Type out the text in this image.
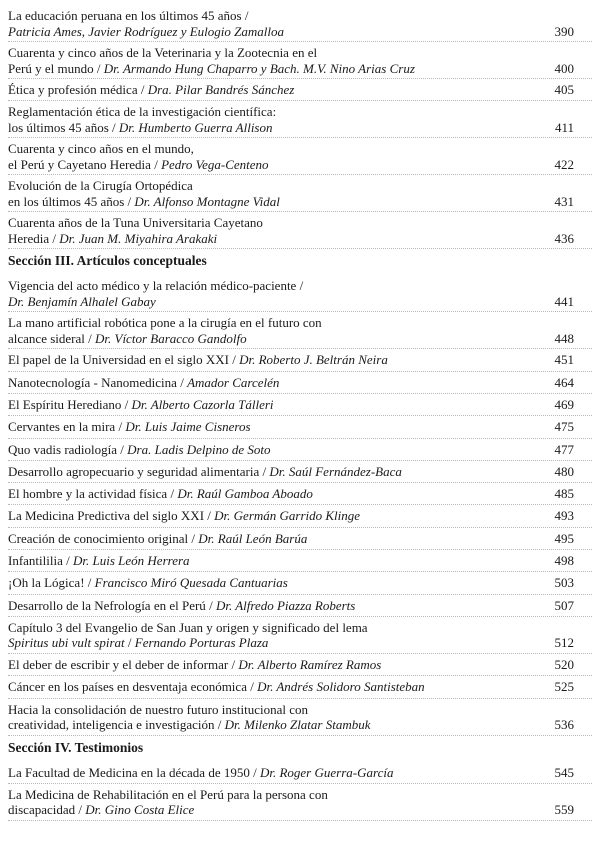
La educación peruana en los últimos 45 años /
Patricia Ames, Javier Rodríguez y Eulogio Zamalloa	390
Cuarenta y cinco años de la Veterinaria y la Zootecnia en el
Perú y el mundo / Dr. Armando Hung Chaparro y Bach. M.V. Nino Arias Cruz	400
Ética y profesión médica / Dra. Pilar Bandrés Sánchez	405
Reglamentación ética de la investigación científica:
los últimos 45 años / Dr. Humberto Guerra Allison	411
Cuarenta y cinco años en el mundo,
el Perú y Cayetano Heredia / Pedro Vega-Centeno	422
Evolución de la Cirugía Ortopédica
en los últimos 45 años / Dr. Alfonso Montagne Vidal	431
Cuarenta años de la Tuna Universitaria Cayetano
Heredia / Dr. Juan M. Miyahira Arakaki	436
Sección III. Artículos conceptuales
Vigencia del acto médico y la relación médico-paciente /
Dr. Benjamín Alhalel Gabay	441
La mano artificial robótica pone a la cirugía en el futuro con
alcance sideral / Dr. Víctor Baracco Gandolfo	448
El papel de la Universidad en el siglo XXI / Dr. Roberto J. Beltrán Neira	451
Nanotecnología - Nanomedicina / Amador Carcelén	464
El Espíritu Herediano / Dr. Alberto Cazorla Tálleri	469
Cervantes en la mira / Dr. Luis Jaime Cisneros	475
Quo vadis radiología / Dra. Ladis Delpino de Soto	477
Desarrollo agropecuario y seguridad alimentaria / Dr. Saúl Fernández-Baca	480
El hombre y la actividad física / Dr. Raúl Gamboa Aboado	485
La Medicina Predictiva del siglo XXI / Dr. Germán Garrido Klinge	493
Creación de conocimiento original / Dr. Raúl León Barúa	495
Infantililia / Dr. Luis León Herrera	498
¡Oh la Lógica! / Francisco Miró Quesada Cantuarias	503
Desarrollo de la Nefrología en el Perú / Dr. Alfredo Piazza Roberts	507
Capítulo 3 del Evangelio de San Juan y origen y significado del lema
Spiritus ubi vult spirat / Fernando Porturas Plaza	512
El deber de escribir y el deber de informar / Dr. Alberto Ramírez Ramos	520
Cáncer en los países en desventaja económica / Dr. Andrés Solidoro Santisteban	525
Hacia la consolidación de nuestro futuro institucional con
creatividad, inteligencia e investigación / Dr. Milenko Zlatar Stambuk	536
Sección IV. Testimonios
La Facultad de Medicina en la década de 1950 / Dr. Roger Guerra-García	545
La Medicina de Rehabilitación en el Perú para la persona con
discapacidad / Dr. Gino Costa Elice	559
